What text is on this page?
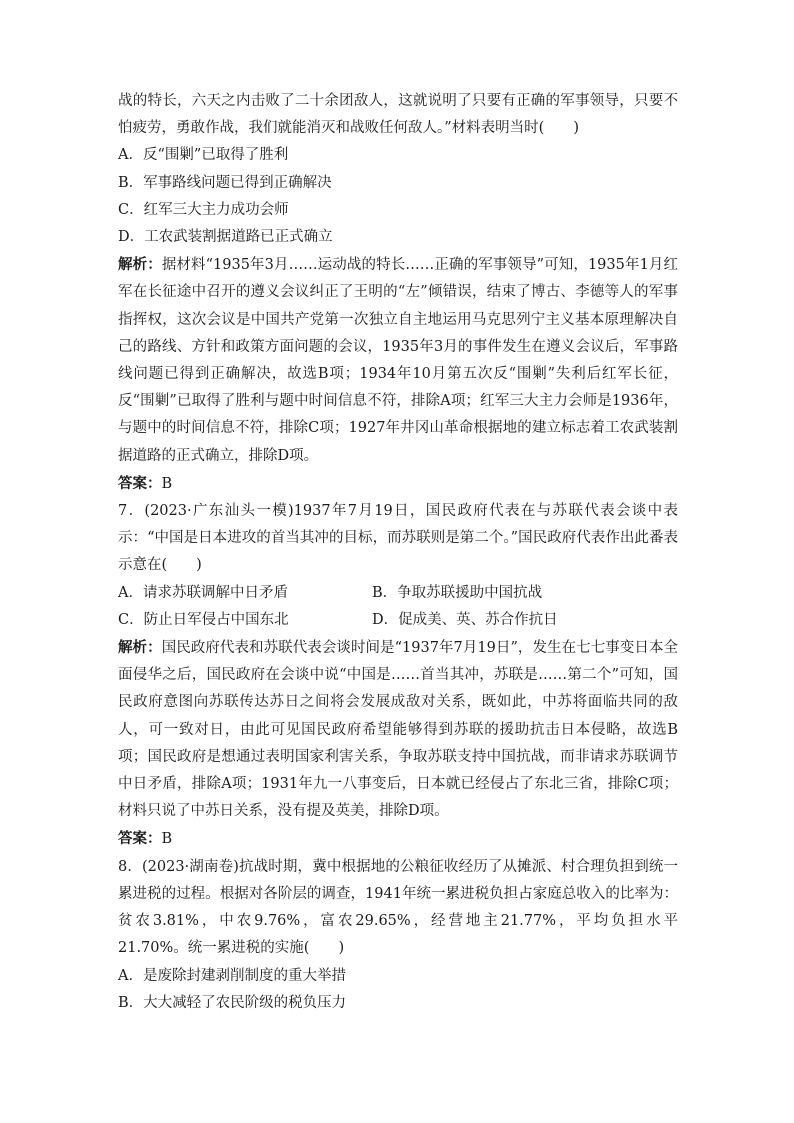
战的特长，六天之内击败了二十余团敌人，这就说明了只要有正确的军事领导，只要不怕疲劳，勇敢作战，我们就能消灭和战败任何敌人。”材料表明当时(　　)

A．反“围剿”已取得了胜利

B．军事路线问题已得到正确解决

C．红军三大主力成功会师

D．工农武装割据道路已正式确立

解析：据材料“1935年3月……运动战的特长……正确的军事领导”可知，1935年1月红军在长征途中召开的遵义会议纠正了王明的“左”倾错误，结束了博古、李德等人的军事指挥权，这次会议是中国共产党第一次独立自主地运用马克思列宁主义基本原理解决自己的路线、方针和政策方面问题的会议，1935年3月的事件发生在遵义会议后，军事路线问题已得到正确解决，故选B项；1934年10月第五次反“围剿”失利后红军长征，反“围剿”已取得了胜利与题中时间信息不符，排除A项；红军三大主力会师是1936年，与题中的时间信息不符，排除C项；1927年井冈山革命根据地的建立标志着工农武装割据道路的正式确立，排除D项。

答案：B

7．(2023·广东汕头一模)1937年7月19日，国民政府代表在与苏联代表会谈中表示：“中国是日本进攻的首当其冲的目标，而苏联则是第二个。”国民政府代表作出此番表示意在(　　)

A．请求苏联调解中日矛盾	B．争取苏联援助中国抗战
C．防止日军侵占中国东北	D．促成美、英、苏合作抗日

解析：国民政府代表和苏联代表会谈时间是“1937年7月19日”，发生在七七事变日本全面侵华之后，国民政府在会谈中说“中国是……首当其冲，苏联是……第二个”可知，国民政府意图向苏联传达苏日之间将会发展成敌对关系，既如此，中苏将面临共同的敌人，可一致对日，由此可见国民政府希望能够得到苏联的援助抗击日本侵略，故选B项；国民政府是想通过表明国家利害关系，争取苏联支持中国抗战，而非请求苏联调节中日矛盾，排除A项；1931年九一八事变后，日本就已经侵占了东北三省，排除C项；材料只说了中苏日关系，没有提及英美，排除D项。

答案：B

8．(2023·湖南卷)抗战时期，冀中根据地的公粮征收经历了从摊派、村合理负担到统一累进税的过程。根据对各阶层的调查，1941年统一累进税负担占家庭总收入的比率为：贫农3.81%，中农9.76%，富农29.65%，经营地主21.77%，平均负担水平21.70%。统一累进税的实施(　　)

A．是废除封建剥削制度的重大举措

B．大大减轻了农民阶级的税负压力
